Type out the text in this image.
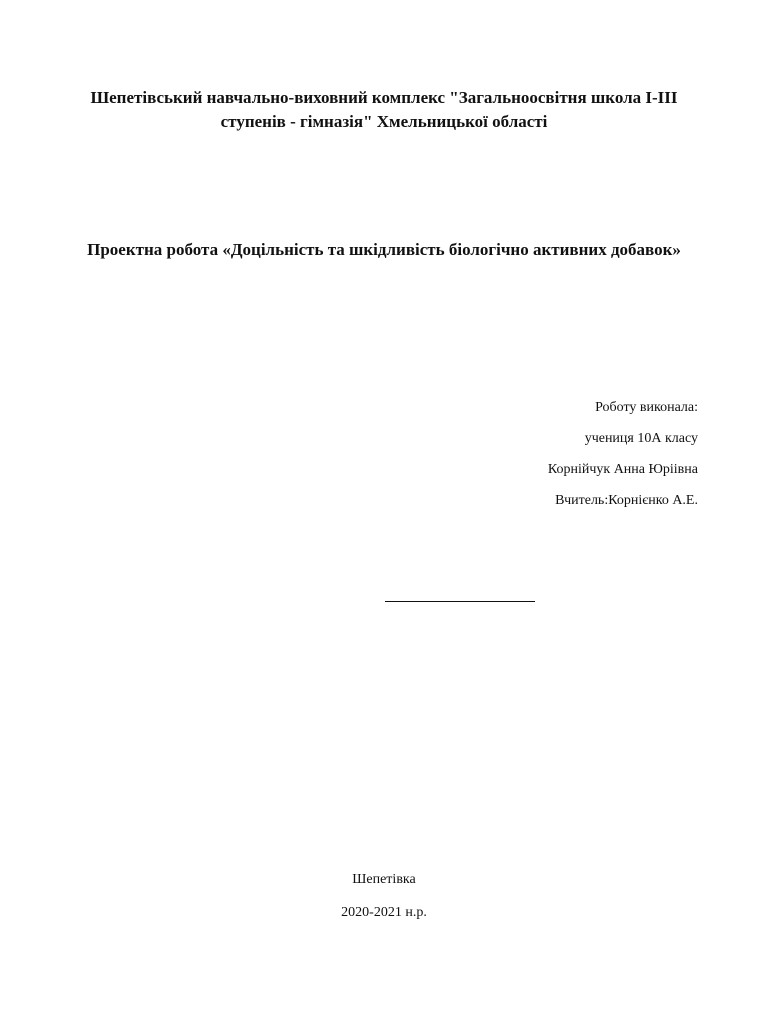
Шепетівський навчально-виховний комплекс "Загальноосвітня школа І-ІІІ
ступенів - гімназія" Хмельницької області
Проектна робота «Доцільність та шкідливість біологічно активних добавок»
Роботу виконала:
учениця 10А класу
Корнійчук Анна Юріівна
Вчитель:Корнієнко А.Е.
Шепетівка
2020-2021 н.р.
